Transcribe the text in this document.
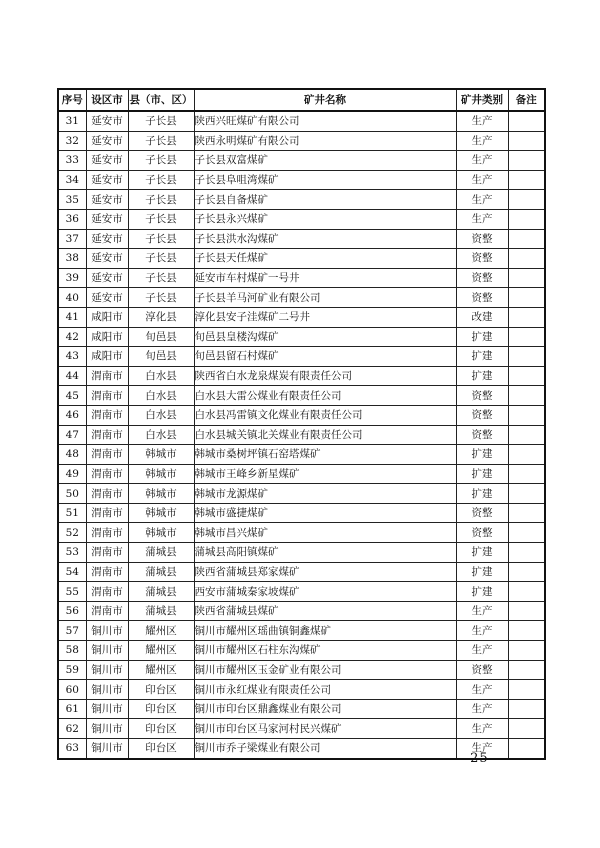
序号	设区市	县（市、区）	矿井名称	矿井类别	备注
31	延安市	子长县	陕西兴旺煤矿有限公司	生产	
32	延安市	子长县	陕西永明煤矿有限公司	生产	
33	延安市	子长县	子长县双富煤矿	生产	
34	延安市	子长县	子长县阜咀湾煤矿	生产	
35	延安市	子长县	子长县自备煤矿	生产	
36	延安市	子长县	子长县永兴煤矿	生产	
37	延安市	子长县	子长县洪水沟煤矿	资整	
38	延安市	子长县	子长县天任煤矿	资整	
39	延安市	子长县	延安市车村煤矿一号井	资整	
40	延安市	子长县	子长县羊马河矿业有限公司	资整	
41	咸阳市	淳化县	淳化县安子洼煤矿二号井	改建	
42	咸阳市	旬邑县	旬邑县皇楼沟煤矿	扩建	
43	咸阳市	旬邑县	旬邑县留石村煤矿	扩建	
44	渭南市	白水县	陕西省白水龙泉煤炭有限责任公司	扩建	
45	渭南市	白水县	白水县大雷公煤业有限责任公司	资整	
46	渭南市	白水县	白水县冯雷镇文化煤业有限责任公司	资整	
47	渭南市	白水县	白水县城关镇北关煤业有限责任公司	资整	
48	渭南市	韩城市	韩城市桑树坪镇石窑塔煤矿	扩建	
49	渭南市	韩城市	韩城市王峰乡新星煤矿	扩建	
50	渭南市	韩城市	韩城市龙源煤矿	扩建	
51	渭南市	韩城市	韩城市盛捷煤矿	资整	
52	渭南市	韩城市	韩城市昌兴煤矿	资整	
53	渭南市	蒲城县	蒲城县高阳镇煤矿	扩建	
54	渭南市	蒲城县	陕西省蒲城县郑家煤矿	扩建	
55	渭南市	蒲城县	西安市蒲城秦家坡煤矿	扩建	
56	渭南市	蒲城县	陕西省蒲城县煤矿	生产	
57	铜川市	耀州区	铜川市耀州区瑶曲镇铜鑫煤矿	生产	
58	铜川市	耀州区	铜川市耀州区石柱东沟煤矿	生产	
59	铜川市	耀州区	铜川市耀州区玉金矿业有限公司	资整	
60	铜川市	印台区	铜川市永红煤业有限责任公司	生产	
61	铜川市	印台区	铜川市印台区鼎鑫煤业有限公司	生产	
62	铜川市	印台区	铜川市印台区马家河村民兴煤矿	生产	
63	铜川市	印台区	铜川市乔子梁煤业有限公司	生产	
— 25 —
